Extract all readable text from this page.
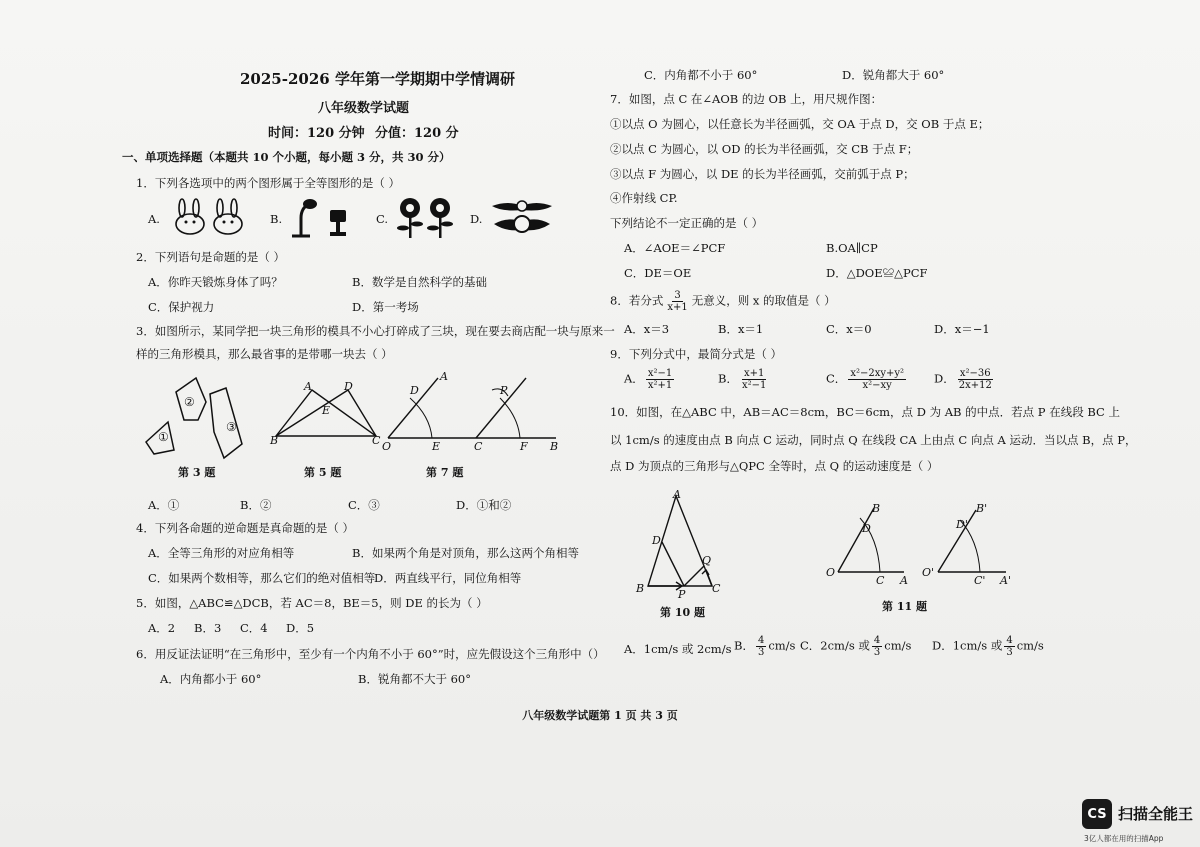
2025-2026 学年第一学期期中学情调研
八年级数学试题
时间：120 分钟 分值：120 分
一、单项选择题（本题共 10 个小题，每小题 3 分，共 30 分）
1．下列各选项中的两个图形属于全等图形的是（ ）
A.	B.	C.	D.
2．下列语句是命题的是（ ）
A．你昨天锻炼身体了吗？	B．数学是自然科学的基础
C．保护视力	D．第一考场
3．如图所示，某同学把一块三角形的模具不小心打碎成了三块，现在要去商店配一块与原来一
样的三角形模具，那么最省事的是带哪一块去（ ）
①
②
③
A	D
E
B	C
第 5 题
D
A
O	E
P
C	F B
第 3 题	第 7 题
A．①	B．②	C．③	D．①和②
4．下列各命题的逆命题是真命题的是（ ）
A．全等三角形的对应角相等	B．如果两个角是对顶角，那么这两个角相等
C．如果两个数相等，那么它们的绝对值相等
D．两直线平行，同位角相等
5．如图，△ABC≌△DCB，若 AC＝8，BE＝5，则 DE 的长为（ ）
A．2 B．3 C．4 D．5
6．用反证法证明“在三角形中，至少有一个内角不小于 60°”时，应先假设这个三角形中（）
A．内角都小于 60°	B．锐角都不大于 60°
C．内角都不小于 60°	D．锐角都大于 60°
7．如图，点 C 在∠AOB 的边 OB 上，用尺规作图：
①以点 O 为圆心，以任意长为半径画弧，交 OA 于点 D，交 OB 于点 E；
②以点 C 为圆心，以 OD 的长为半径画弧，交 CB 于点 F；
③以点 F 为圆心，以 DE 的长为半径画弧，交前弧于点 P；
④作射线 CP.
下列结论不一定正确的是（ ）
A．∠AOE＝∠PCF	B.OA∥CP
C．DE＝OE	D．△DOE≌△PCF
8．若分式 $\frac{3}{x+1}$ 无意义，则 x 的取值是（ ）
A．x＝3	B．x＝1	C．x＝0	D．x＝−1
9．下列分式中，最简分式是（ ）
A． $\frac{\text{x²−1}}{\text{x²+1}}$	B． $\frac{x+1}{\text{x²−1}}$	C． $\frac{\text{x²−2xy+y²}}{\text{x²−xy}}$ D． $\frac{\text{x²−36}}{2x+12}$
10．如图，在△ABC 中，AB＝AC＝8cm，BC＝6cm，点 D 为 AB 的中点．若点 P 在线段 BC 上
以 1cm/s 的速度由点 B 向点 C 运动，同时点 Q 在线段 CA 上由点 C 向点 A 运动．当以点 B，点 P，
点 D 为顶点的三角形与△QPC 全等时，点 Q 的运动速度是（ ）
A
D
Q
B	P C
第 10 题
B
D
O
C A
B'
D'
O'
C' A'
第 11 题
A．1cm/s 或 2cm/s B． $\frac{4}{3} cm/s$ C．2cm/s 或 $\frac{4}{3} cm/s$ D．1cm/s 或 $\frac{4}{3} cm/s$
八年级数学试题第 1 页 共 3 页
CS 扫描全能王
3亿人都在用的扫描App
